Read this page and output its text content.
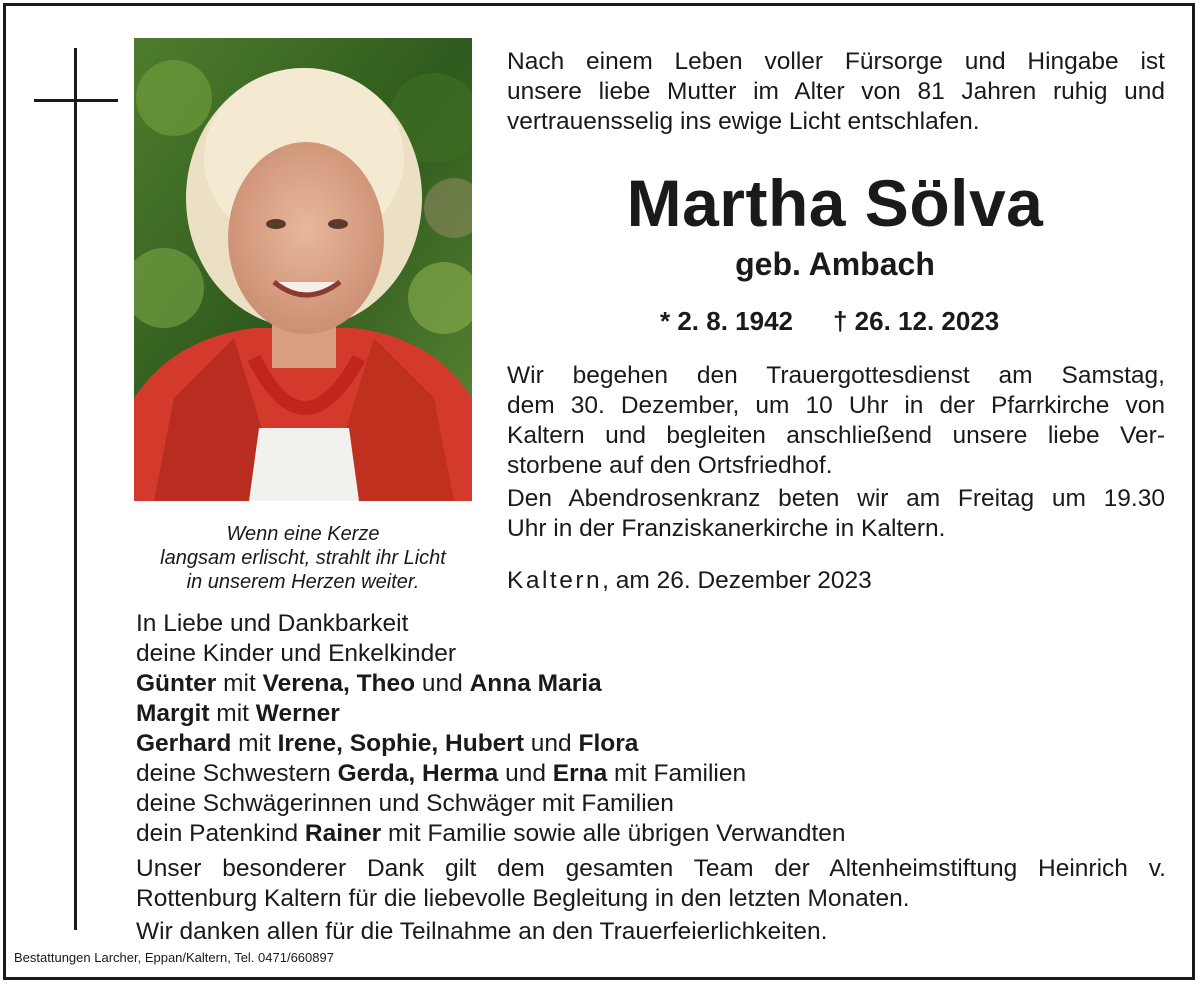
Wenn eine Kerze
langsam erlischt, strahlt ihr Licht
in unserem Herzen weiter.
Nach einem Leben voller Fürsorge und Hingabe ist
unsere liebe Mutter im Alter von 81 Jahren ruhig und
vertrauensselig ins ewige Licht entschlafen.
Martha Sölva
geb. Ambach
* 2. 8. 1942 † 26. 12. 2023
Wir begehen den Trauergottesdienst am Samstag,
dem 30. Dezember, um 10 Uhr in der Pfarrkirche von
Kaltern und begleiten anschließend unsere liebe Ver-
storbene auf den Ortsfriedhof.
Den Abendrosenkranz beten wir am Freitag um 19.30
Uhr in der Franziskanerkirche in Kaltern.
Kaltern, am 26. Dezember 2023
In Liebe und Dankbarkeit
deine Kinder und Enkelkinder
Günter mit Verena, Theo und Anna Maria
Margit mit Werner
Gerhard mit Irene, Sophie, Hubert und Flora
deine Schwestern Gerda, Herma und Erna mit Familien
deine Schwägerinnen und Schwäger mit Familien
dein Patenkind Rainer mit Familie sowie alle übrigen Verwandten
Unser besonderer Dank gilt dem gesamten Team der Altenheimstiftung Heinrich v.
Rottenburg Kaltern für die liebevolle Begleitung in den letzten Monaten.
Wir danken allen für die Teilnahme an den Trauerfeierlichkeiten.
Bestattungen Larcher, Eppan/Kaltern, Tel. 0471/660897
